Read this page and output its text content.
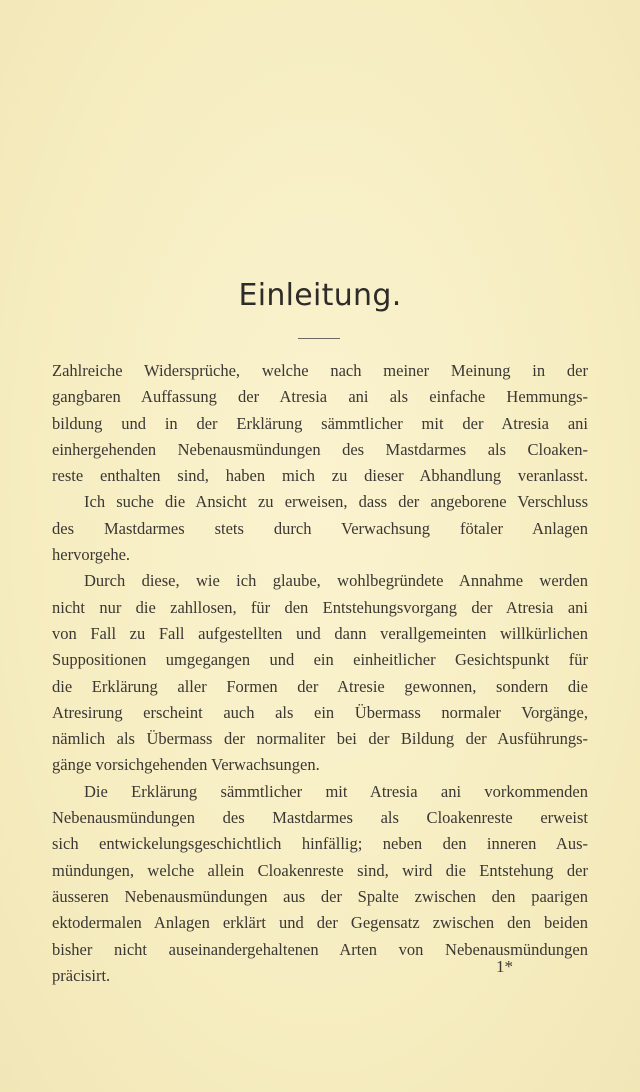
Einleitung.
Zahlreiche Widersprüche, welche nach meiner Meinung in der
gangbaren Auffassung der Atresia ani als einfache Hemmungs-
bildung und in der Erklärung sämmtlicher mit der Atresia ani
einhergehenden Nebenausmündungen des Mastdarmes als Cloaken-
reste enthalten sind, haben mich zu dieser Abhandlung veranlasst.
Ich suche die Ansicht zu erweisen, dass der angeborene Verschluss
des Mastdarmes stets durch Verwachsung fötaler Anlagen
hervorgehe.
Durch diese, wie ich glaube, wohlbegründete Annahme werden
nicht nur die zahllosen, für den Entstehungsvorgang der Atresia ani
von Fall zu Fall aufgestellten und dann verallgemeinten willkürlichen
Suppositionen umgegangen und ein einheitlicher Gesichtspunkt für
die Erklärung aller Formen der Atresie gewonnen, sondern die
Atresirung erscheint auch als ein Übermass normaler Vorgänge,
nämlich als Übermass der normaliter bei der Bildung der Ausführungs-
gänge vorsichgehenden Verwachsungen.
Die Erklärung sämmtlicher mit Atresia ani vorkommenden
Nebenausmündungen des Mastdarmes als Cloakenreste erweist
sich entwickelungsgeschichtlich hinfällig; neben den inneren Aus-
mündungen, welche allein Cloakenreste sind, wird die Entstehung der
äusseren Nebenausmündungen aus der Spalte zwischen den paarigen
ektodermalen Anlagen erklärt und der Gegensatz zwischen den beiden
bisher nicht auseinandergehaltenen Arten von Nebenausmündungen
präcisirt.	1*
